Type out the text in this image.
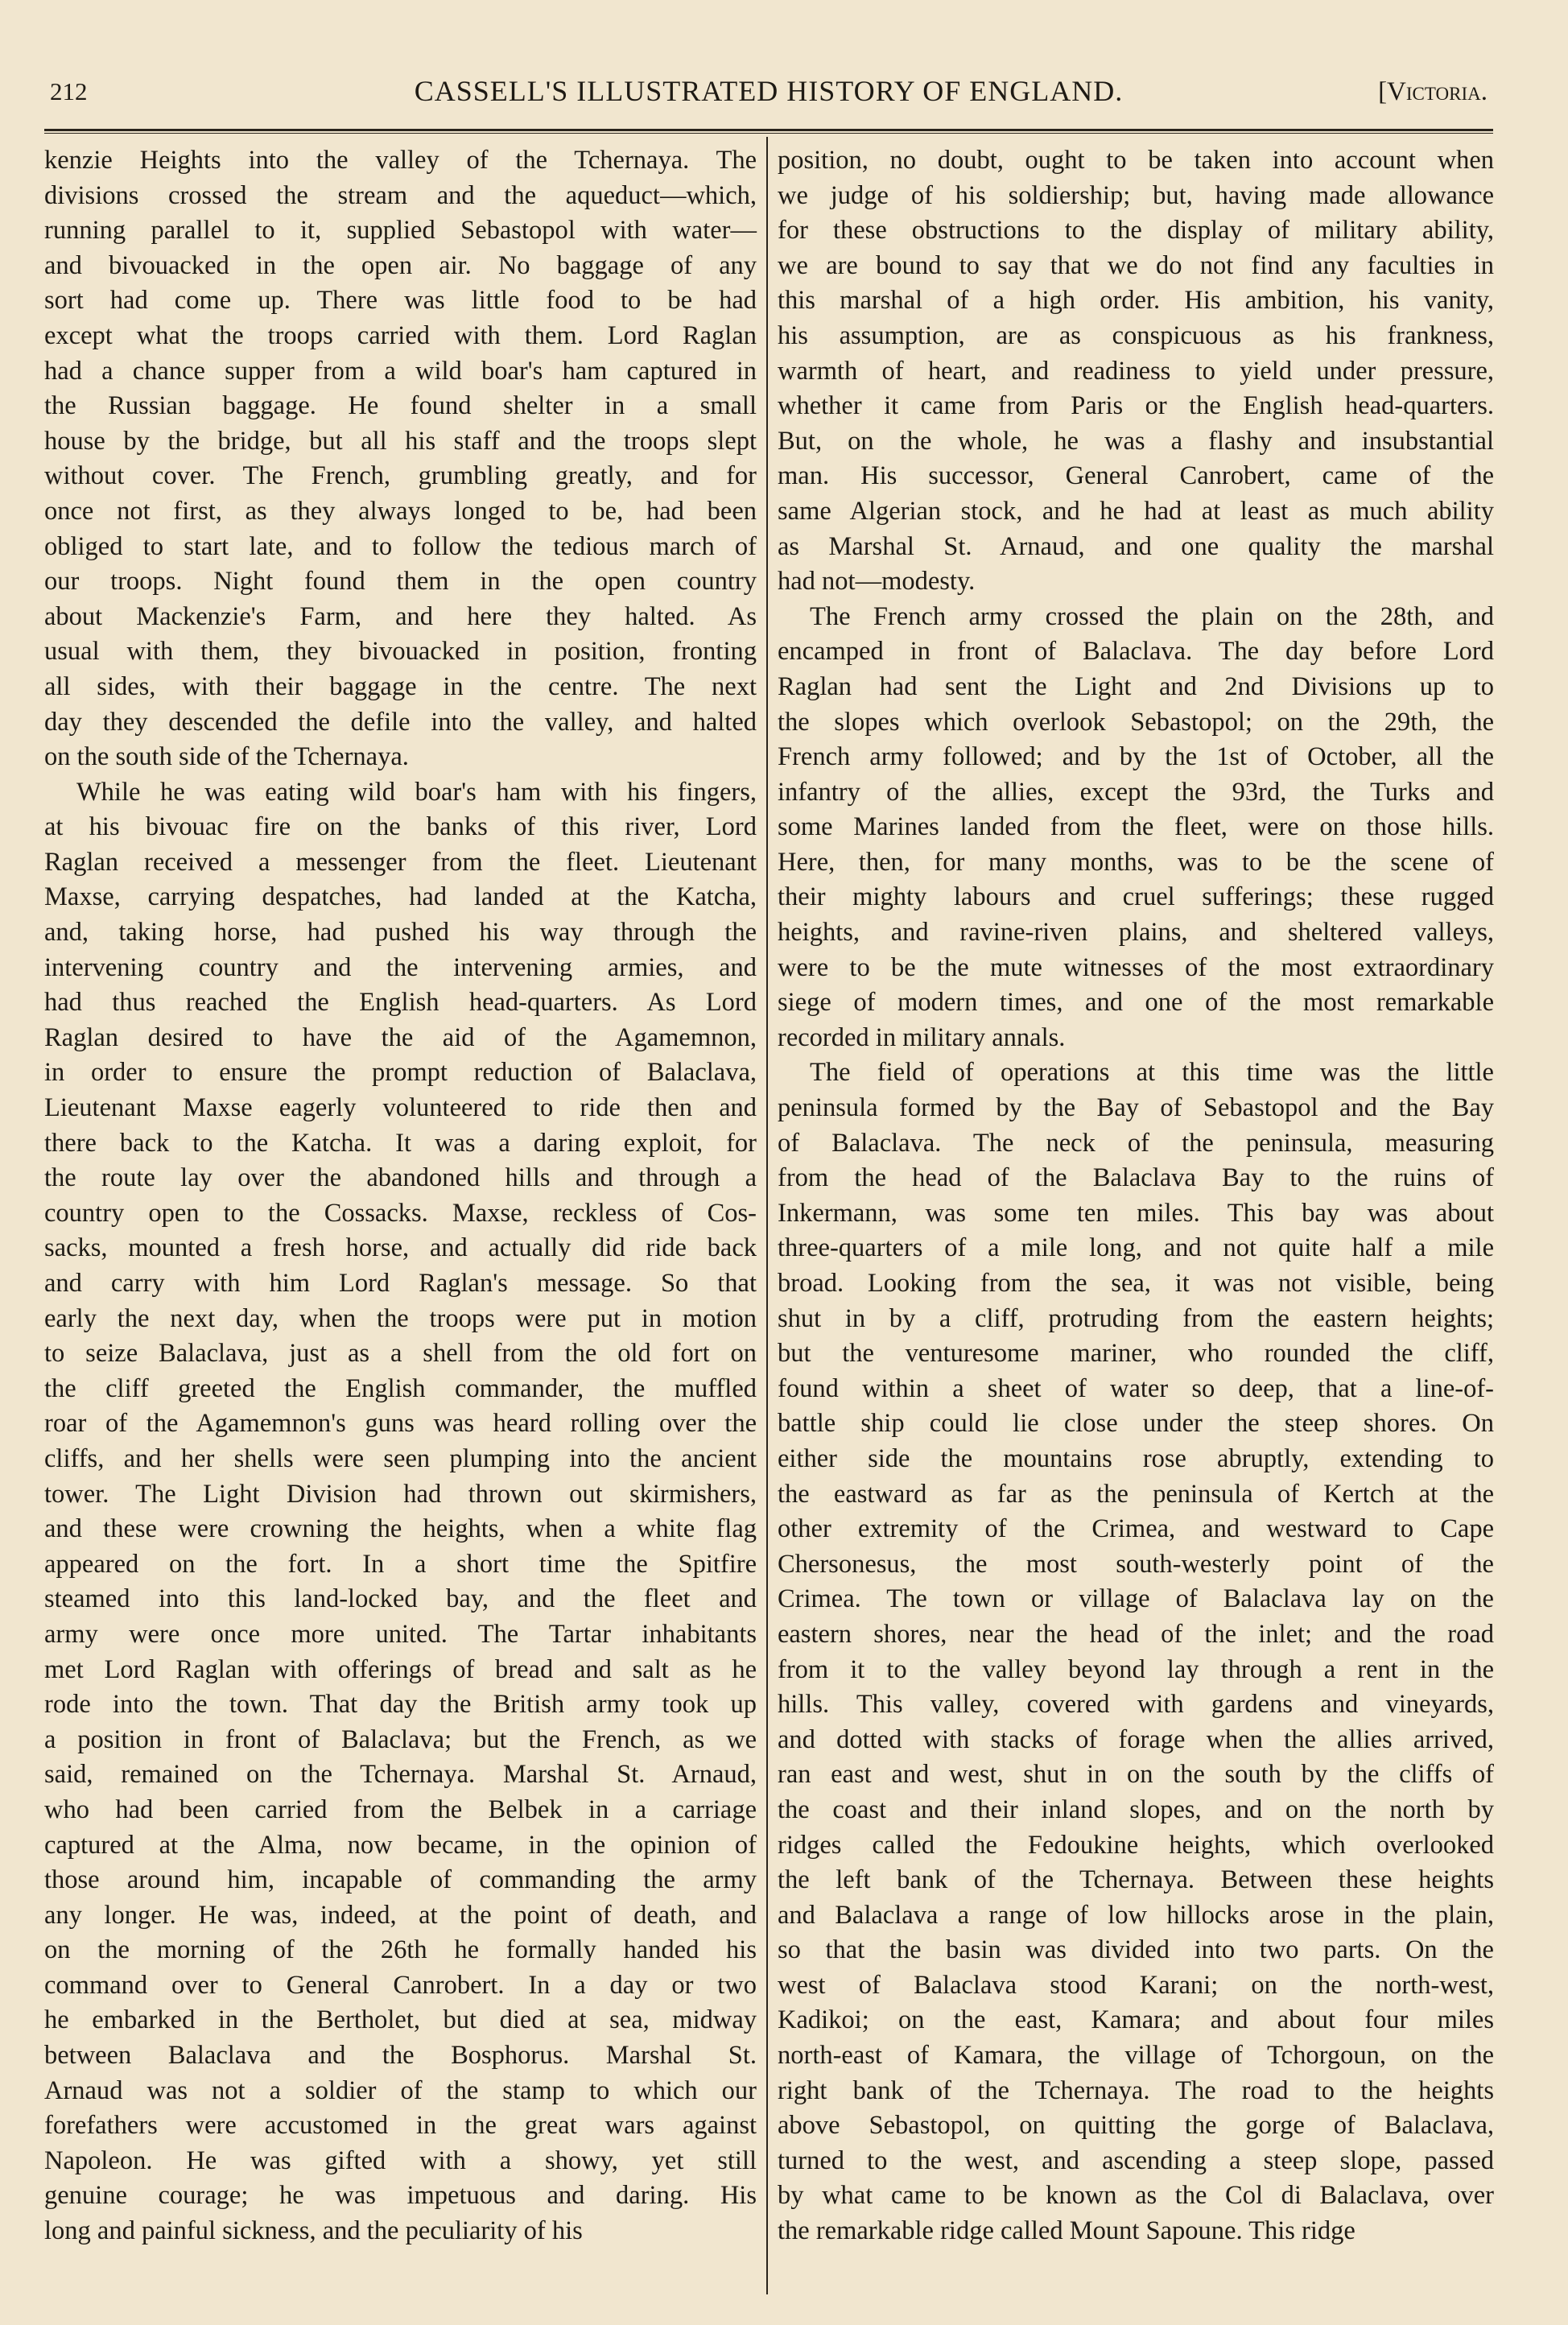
212	CASSELL'S ILLUSTRATED HISTORY OF ENGLAND.	[Victoria.

kenzie Heights into the valley of the Tchernaya. The
divisions crossed the stream and the aqueduct—which,
running parallel to it, supplied Sebastopol with water—
and bivouacked in the open air. No baggage of any
sort had come up. There was little food to be had
except what the troops carried with them. Lord Raglan
had a chance supper from a wild boar's ham captured in
the Russian baggage. He found shelter in a small
house by the bridge, but all his staff and the troops slept
without cover. The French, grumbling greatly, and for
once not first, as they always longed to be, had been
obliged to start late, and to follow the tedious march of
our troops. Night found them in the open country
about Mackenzie's Farm, and here they halted. As
usual with them, they bivouacked in position, fronting
all sides, with their baggage in the centre. The next
day they descended the defile into the valley, and halted
on the south side of the Tchernaya.

While he was eating wild boar's ham with his fingers,
at his bivouac fire on the banks of this river, Lord
Raglan received a messenger from the fleet. Lieutenant
Maxse, carrying despatches, had landed at the Katcha,
and, taking horse, had pushed his way through the
intervening country and the intervening armies, and
had thus reached the English head-quarters. As Lord
Raglan desired to have the aid of the Agamemnon,
in order to ensure the prompt reduction of Balaclava,
Lieutenant Maxse eagerly volunteered to ride then and
there back to the Katcha. It was a daring exploit, for
the route lay over the abandoned hills and through a
country open to the Cossacks. Maxse, reckless of Cos-
sacks, mounted a fresh horse, and actually did ride back
and carry with him Lord Raglan's message. So that
early the next day, when the troops were put in motion
to seize Balaclava, just as a shell from the old fort on
the cliff greeted the English commander, the muffled
roar of the Agamemnon's guns was heard rolling over the
cliffs, and her shells were seen plumping into the ancient
tower. The Light Division had thrown out skirmishers,
and these were crowning the heights, when a white flag
appeared on the fort. In a short time the Spitfire
steamed into this land-locked bay, and the fleet and
army were once more united. The Tartar inhabitants
met Lord Raglan with offerings of bread and salt as he
rode into the town. That day the British army took up
a position in front of Balaclava; but the French, as we
said, remained on the Tchernaya. Marshal St. Arnaud,
who had been carried from the Belbek in a carriage
captured at the Alma, now became, in the opinion of
those around him, incapable of commanding the army
any longer. He was, indeed, at the point of death, and
on the morning of the 26th he formally handed his
command over to General Canrobert. In a day or two
he embarked in the Bertholet, but died at sea, midway
between Balaclava and the Bosphorus. Marshal St.
Arnaud was not a soldier of the stamp to which our
forefathers were accustomed in the great wars against
Napoleon. He was gifted with a showy, yet still
genuine courage; he was impetuous and daring. His
long and painful sickness, and the peculiarity of his

position, no doubt, ought to be taken into account when
we judge of his soldiership; but, having made allowance
for these obstructions to the display of military ability,
we are bound to say that we do not find any faculties in
this marshal of a high order. His ambition, his vanity,
his assumption, are as conspicuous as his frankness,
warmth of heart, and readiness to yield under pressure,
whether it came from Paris or the English head-quarters.
But, on the whole, he was a flashy and insubstantial
man. His successor, General Canrobert, came of the
same Algerian stock, and he had at least as much ability
as Marshal St. Arnaud, and one quality the marshal
had not—modesty.

The French army crossed the plain on the 28th, and
encamped in front of Balaclava. The day before Lord
Raglan had sent the Light and 2nd Divisions up to
the slopes which overlook Sebastopol; on the 29th, the
French army followed; and by the 1st of October, all the
infantry of the allies, except the 93rd, the Turks and
some Marines landed from the fleet, were on those hills.
Here, then, for many months, was to be the scene of
their mighty labours and cruel sufferings; these rugged
heights, and ravine-riven plains, and sheltered valleys,
were to be the mute witnesses of the most extraordinary
siege of modern times, and one of the most remarkable
recorded in military annals.

The field of operations at this time was the little
peninsula formed by the Bay of Sebastopol and the Bay
of Balaclava. The neck of the peninsula, measuring
from the head of the Balaclava Bay to the ruins of
Inkermann, was some ten miles. This bay was about
three-quarters of a mile long, and not quite half a mile
broad. Looking from the sea, it was not visible, being
shut in by a cliff, protruding from the eastern heights;
but the venturesome mariner, who rounded the cliff,
found within a sheet of water so deep, that a line-of-
battle ship could lie close under the steep shores. On
either side the mountains rose abruptly, extending to
the eastward as far as the peninsula of Kertch at the
other extremity of the Crimea, and westward to Cape
Chersonesus, the most south-westerly point of the
Crimea. The town or village of Balaclava lay on the
eastern shores, near the head of the inlet; and the road
from it to the valley beyond lay through a rent in the
hills. This valley, covered with gardens and vineyards,
and dotted with stacks of forage when the allies arrived,
ran east and west, shut in on the south by the cliffs of
the coast and their inland slopes, and on the north by
ridges called the Fedoukine heights, which overlooked
the left bank of the Tchernaya. Between these heights
and Balaclava a range of low hillocks arose in the plain,
so that the basin was divided into two parts. On the
west of Balaclava stood Karani; on the north-west,
Kadikoi; on the east, Kamara; and about four miles
north-east of Kamara, the village of Tchorgoun, on the
right bank of the Tchernaya. The road to the heights
above Sebastopol, on quitting the gorge of Balaclava,
turned to the west, and ascending a steep slope, passed
by what came to be known as the Col di Balaclava, over
the remarkable ridge called Mount Sapoune. This ridge
